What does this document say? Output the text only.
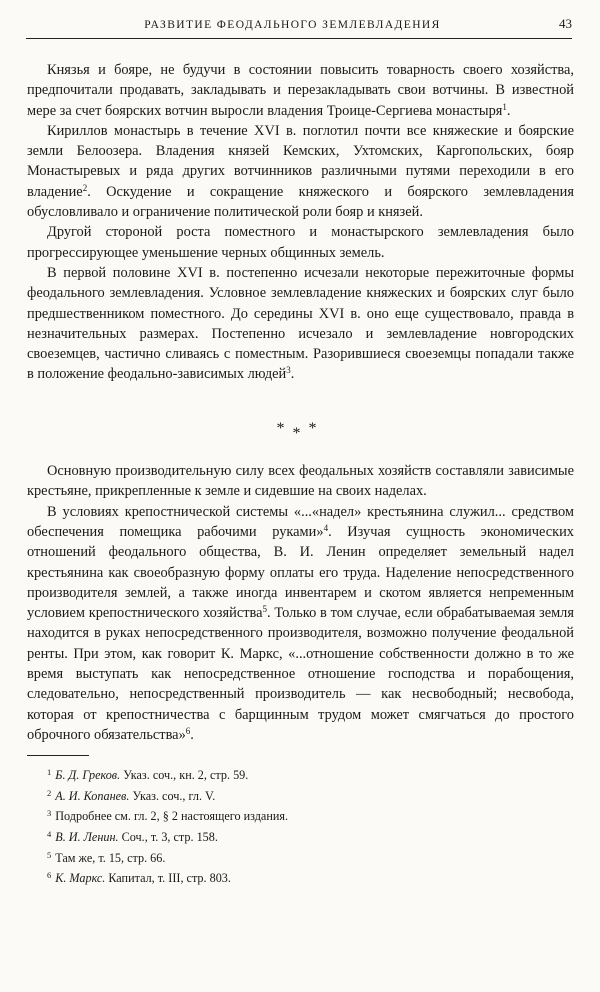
РАЗВИТИЕ ФЕОДАЛЬНОГО ЗЕМЛЕВЛАДЕНИЯ	43

Князья и бояре, не будучи в состоянии повысить товарность своего хозяйства, предпочитали продавать, закладывать и перезакладывать свои вотчины. В известной мере за счет боярских вотчин выросли владения Троице-Сергиева монастыря$^1$.

Кириллов монастырь в течение XVI в. поглотил почти все княжеские и боярские земли Белоозера. Владения князей Кемских, Ухтомских, Каргопольских, бояр Монастыревых и ряда других вотчинников различными путями переходили в его владение$^2$. Оскудение и сокращение княжеского и боярского землевладения обусловливало и ограничение политической роли бояр и князей.

Другой стороной роста поместного и монастырского землевладения было прогрессирующее уменьшение черных общинных земель.

В первой половине XVI в. постепенно исчезали некоторые пережиточные формы феодального землевладения. Условное землевладение княжеских и боярских слуг было предшественником поместного. До середины XVI в. оно еще существовало, правда в незначительных размерах. Постепенно исчезало и землевладение новгородских своеземцев, частично сливаясь с поместным. Разорившиеся своеземцы попадали также в положение феодально-зависимых людей$^3$.

***

Основную производительную силу всех феодальных хозяйств составляли зависимые крестьяне, прикрепленные к земле и сидевшие на своих наделах.

В условиях крепостнической системы «...«надел» крестьянина служил... средством обеспечения помещика рабочими руками»$^4$. Изучая сущность экономических отношений феодального общества, В. И. Ленин определяет земельный надел крестьянина как своеобразную форму оплаты его труда. Наделение непосредственного производителя землей, а также иногда инвентарем и скотом является непременным условием крепостнического хозяйства$^5$. Только в том случае, если обрабатываемая земля находится в руках непосредственного производителя, возможно получение феодальной ренты. При этом, как говорит К. Маркс, «...отношение собственности должно в то же время выступать как непосредственное отношение господства и порабощения, следовательно, непосредственный производитель — как несвободный; несвобода, которая от крепостничества с барщинным трудом может смягчаться до простого оброчного обязательства»$^6$.

$^1$ Б. Д. Греков. Указ. соч., кн. 2, стр. 59.
$^2$ А. И. Копанев. Указ. соч., гл. V.
$^3$ Подробнее см. гл. 2, § 2 настоящего издания.
$^4$ В. И. Ленин. Соч., т. 3, стр. 158.
$^5$ Там же, т. 15, стр. 66.
$^6$ К. Маркс. Капитал, т. III, стр. 803.
